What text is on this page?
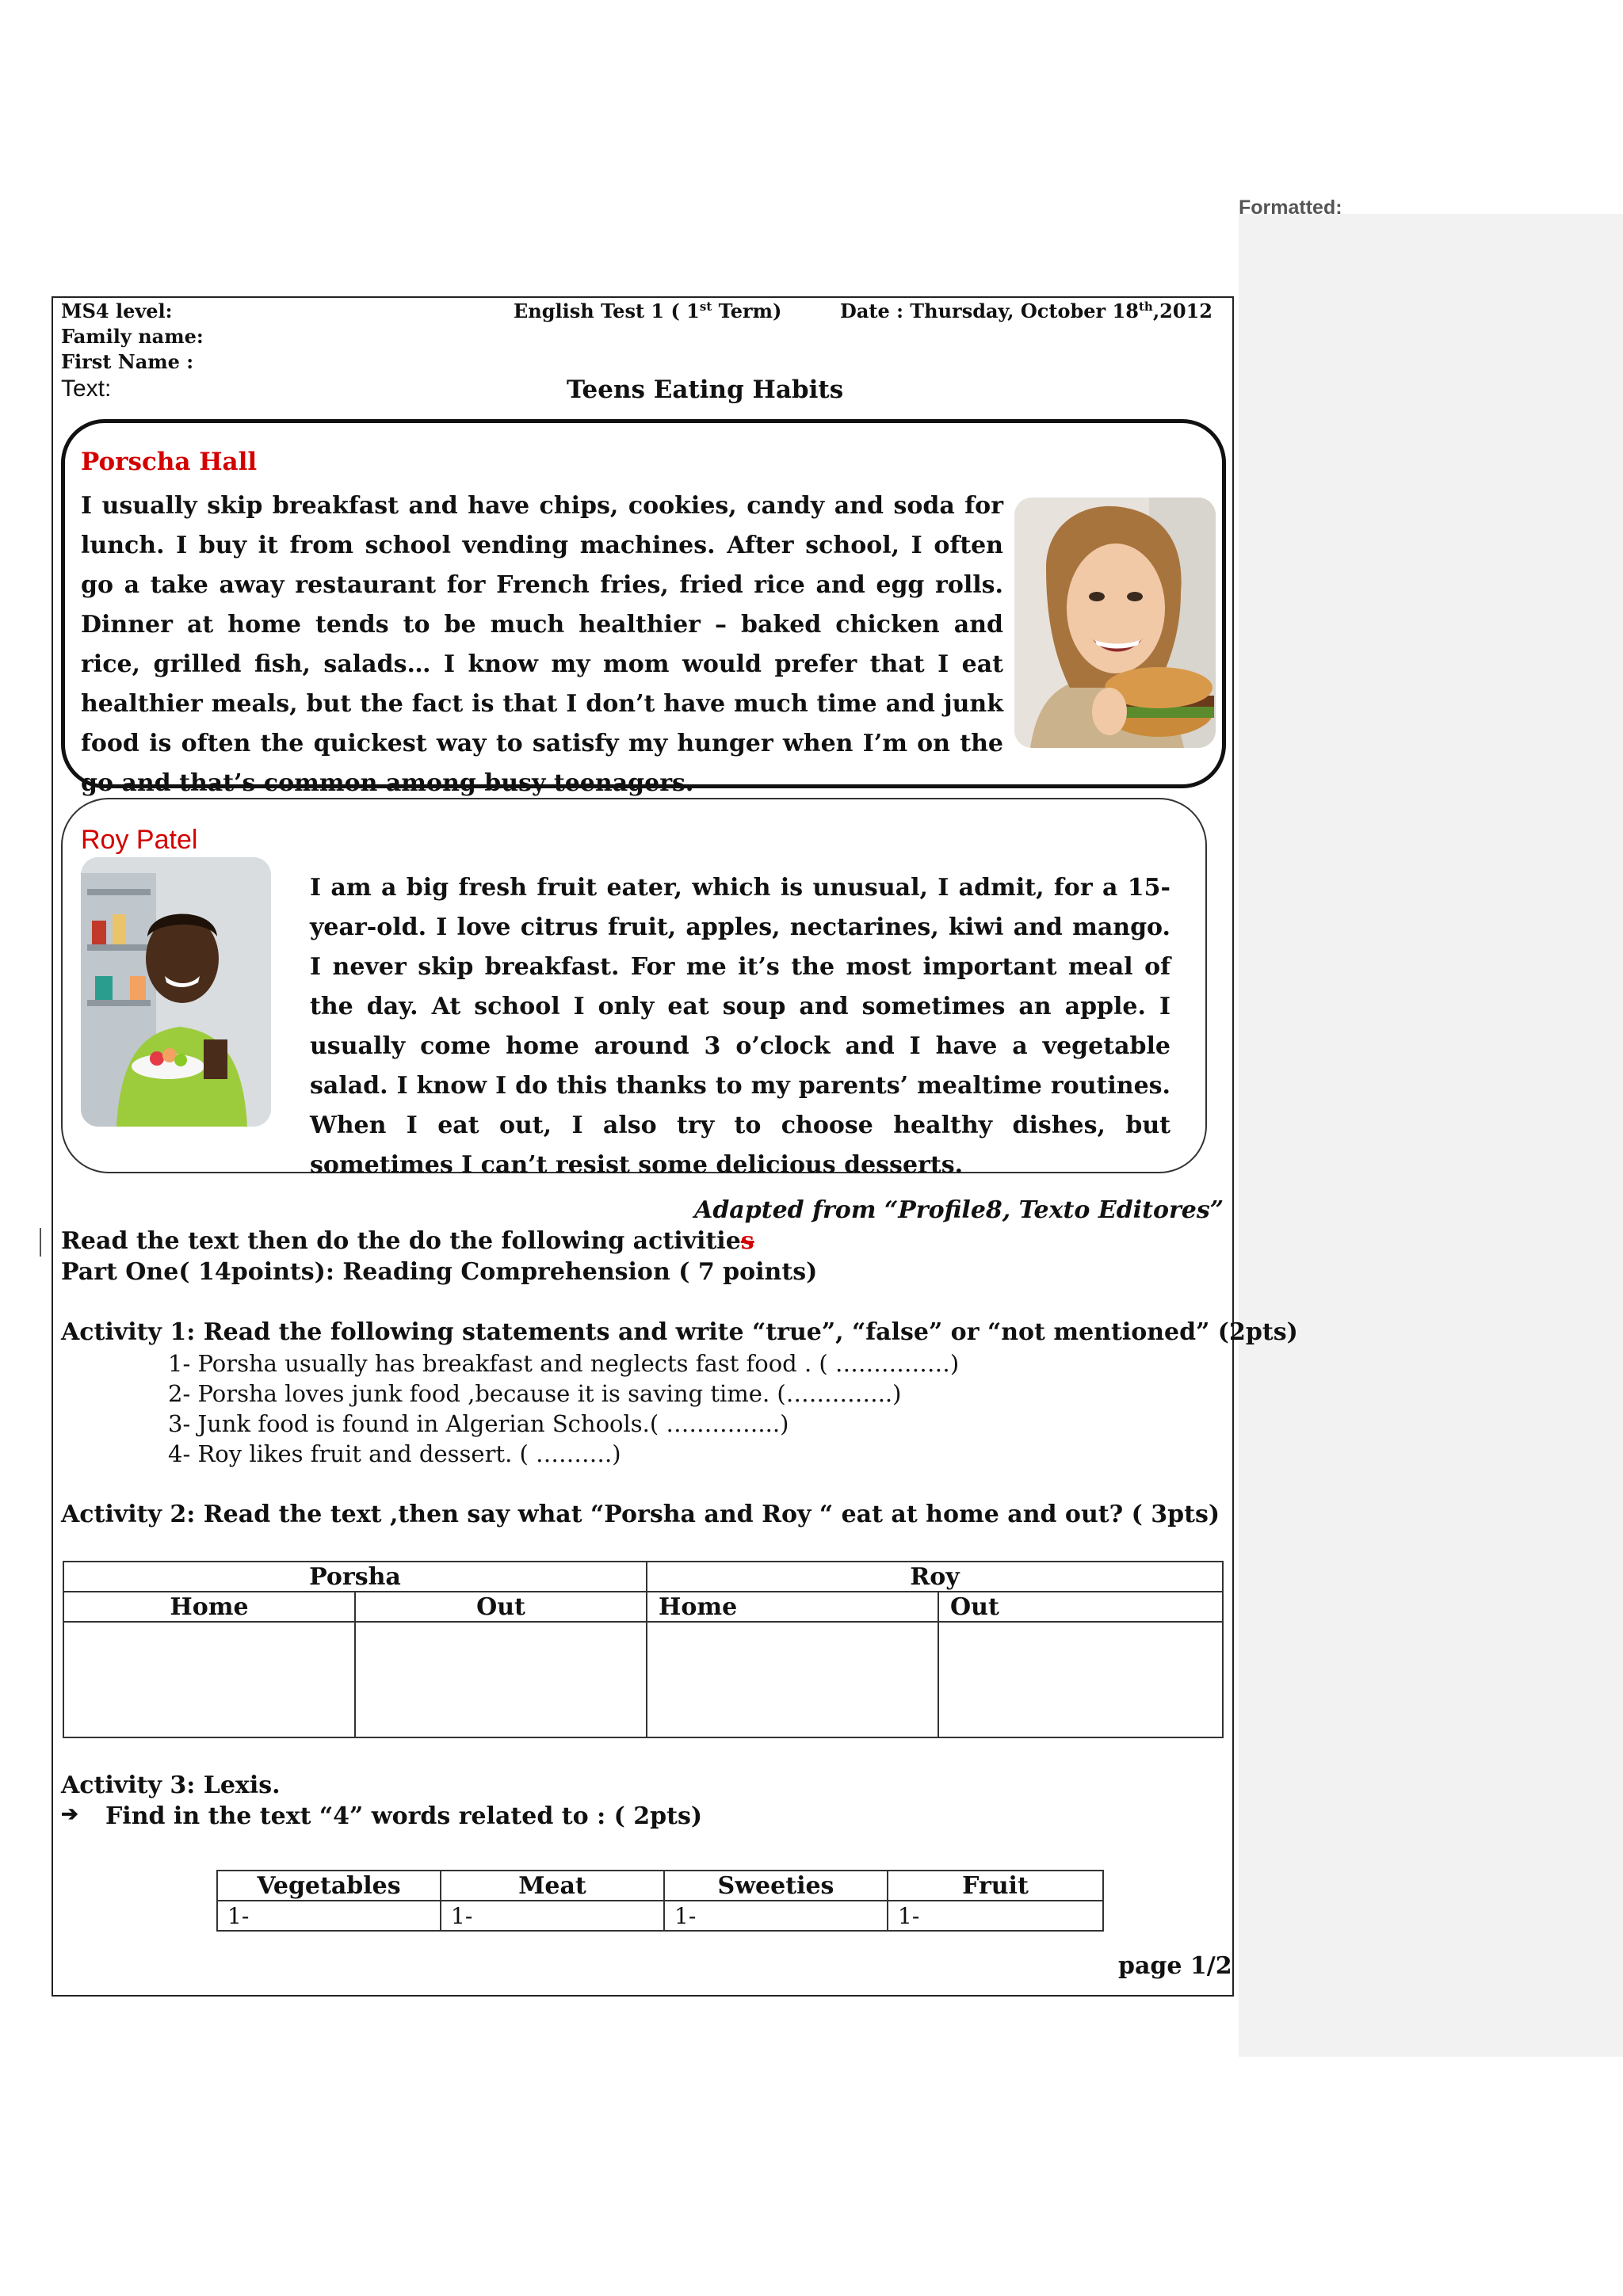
Formatted:
MS4 level:	English Test 1 ( 1st Term)	Date : Thursday, October 18th,2012
Family name:
First Name :
Text:	Teens Eating Habits
Porscha Hall
I usually skip breakfast and have chips, cookies, candy and soda for lunch. I buy it from school vending machines. After school, I often go a take away restaurant for French fries, fried rice and egg rolls. Dinner at home tends to be much healthier – baked chicken and rice, grilled fish, salads… I know my mom would prefer that I eat healthier meals, but the fact is that I don’t have much time and junk food is often the quickest way to satisfy my hunger when I’m on the go and that’s common among busy teenagers.
Roy Patel
I am a big fresh fruit eater, which is unusual, I admit, for a 15-year-old. I love citrus fruit, apples, nectarines, kiwi and mango. I never skip breakfast. For me it’s the most important meal of the day. At school I only eat soup and sometimes an apple. I usually come home around 3 o’clock and I have a vegetable salad. I know I do this thanks to my parents’ mealtime routines. When I eat out, I also try to choose healthy dishes, but sometimes I can’t resist some delicious desserts.
Adapted from “Profile8, Texto Editores”
Read the text then do the do the following activities
Part One( 14points): Reading Comprehension ( 7 points)
Activity 1: Read the following statements and write “true”, “false” or “not mentioned” (2pts)
1- Porsha usually has breakfast and neglects fast food . ( ……………)
2- Porsha loves junk food ,because it is saving time. (…………..)
3- Junk food is found in Algerian Schools.( …………...)
4- Roy likes fruit and dessert. ( ……….)
Activity 2: Read the text ,then say what “Porsha and Roy “ eat at home and out? ( 3pts)
Porsha		Roy	
Home	Out	Home	Out

Activity 3: Lexis.
➔ Find in the text “4” words related to : ( 2pts)
Vegetables	Meat	Sweeties	Fruit
1-	1-	1-	1-
page 1/2
